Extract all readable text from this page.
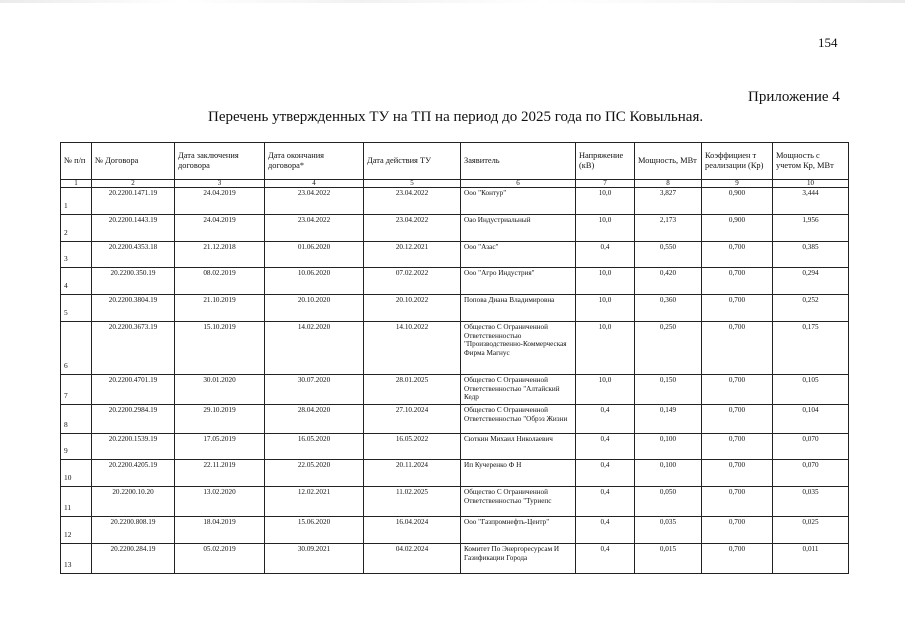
154
Приложение 4
Перечень утвержденных ТУ на ТП на период до 2025 года по ПС Ковыльная.
№ п/п	№ Договора	Дата заключения договора	Дата окончания договора*	Дата действия ТУ	Заявитель	Напряжение (кВ)	Мощность, МВт	Коэффициен т реализации (Кр)	Мощность с учетом Кр, МВт
1	2	3	4	5	6	7	8	9	10
1	20.2200.1471.19	24.04.2019	23.04.2022	23.04.2022	Ооо "Контур"	10,0	3,827	0,900	3,444
2	20.2200.1443.19	24.04.2019	23.04.2022	23.04.2022	Оао Индустриальный	10,0	2,173	0,900	1,956
3	20.2200.4353.18	21.12.2018	01.06.2020	20.12.2021	Ооо "Азас"	0,4	0,550	0,700	0,385
4	20.2200.350.19	08.02.2019	10.06.2020	07.02.2022	Ооо "Агро Индустрия"	10,0	0,420	0,700	0,294
5	20.2200.3804.19	21.10.2019	20.10.2020	20.10.2022	Попова Диана Владимировна	10,0	0,360	0,700	0,252
6	20.2200.3673.19	15.10.2019	14.02.2020	14.10.2022	Общество С Ограниченной Ответственностью "Производственно-Коммерческая Фирма Магнус	10,0	0,250	0,700	0,175
7	20.2200.4701.19	30.01.2020	30.07.2020	28.01.2025	Общество С Ограниченной Ответственностью "Алтайский Кедр	10,0	0,150	0,700	0,105
8	20.2200.2984.19	29.10.2019	28.04.2020	27.10.2024	Общество С Ограниченной Ответственностью "Обрэз Жизни	0,4	0,149	0,700	0,104
9	20.2200.1539.19	17.05.2019	16.05.2020	16.05.2022	Сюткин Михаил Николаевич	0,4	0,100	0,700	0,070
10	20.2200.4205.19	22.11.2019	22.05.2020	20.11.2024	Ип Кучеренко Ф Н	0,4	0,100	0,700	0,070
11	20.2200.10.20	13.02.2020	12.02.2021	11.02.2025	Общество С Ограниченной Ответственностью "Туриепс	0,4	0,050	0,700	0,035
12	20.2200.808.19	18.04.2019	15.06.2020	16.04.2024	Ооо "Газпромнефть-Центр"	0,4	0,035	0,700	0,025
13	20.2200.284.19	05.02.2019	30.09.2021	04.02.2024	Комитет По Энергоресурсам И Газификации Города	0,4	0,015	0,700	0,011
